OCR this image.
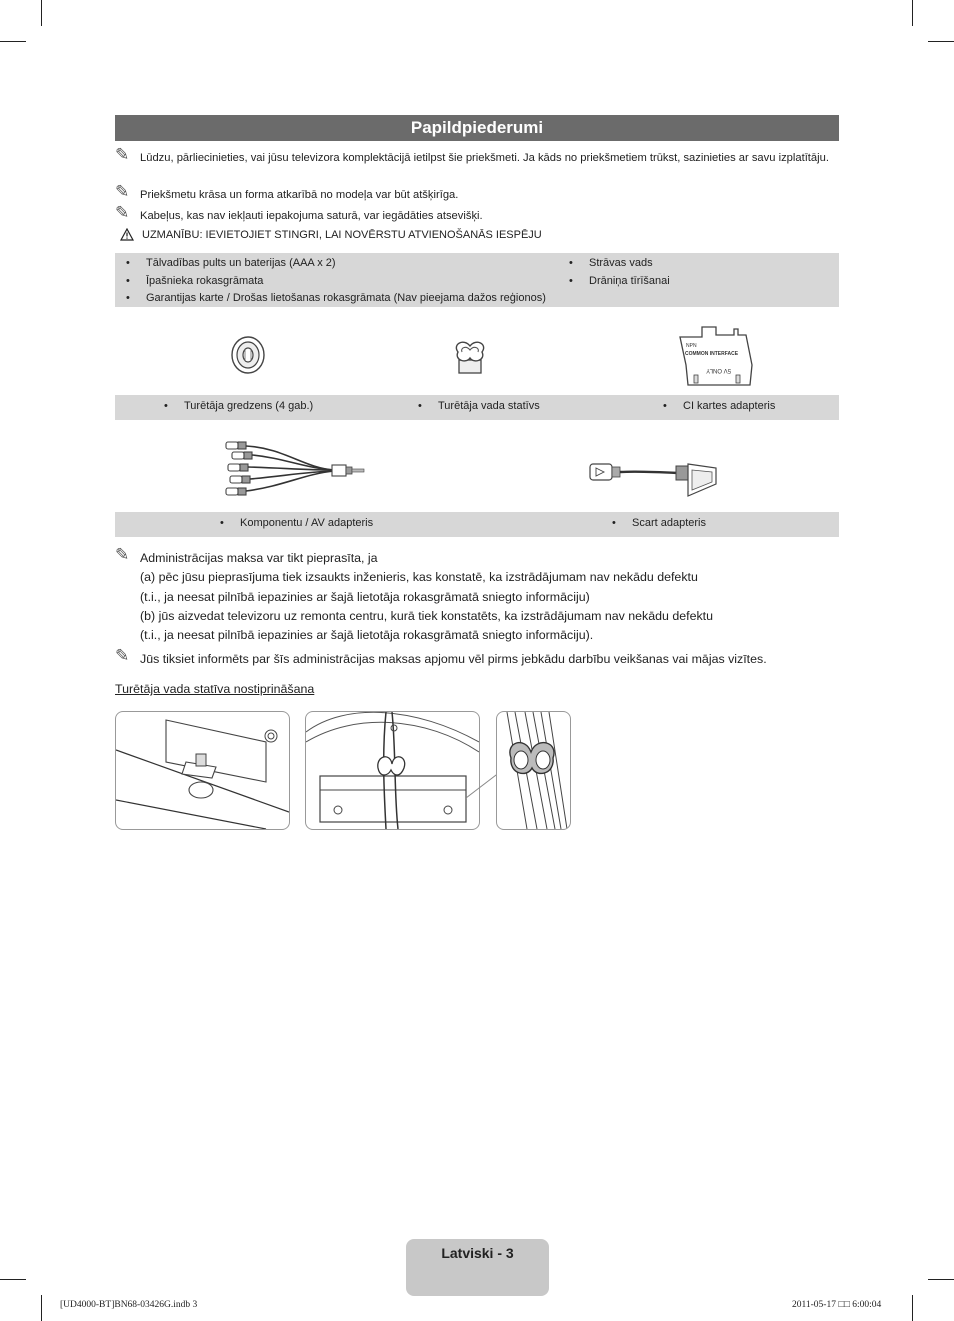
Papildpiederumi
✎ Lūdzu, pārliecinieties, vai jūsu televizora komplektācijā ietilpst šie priekšmeti. Ja kāds no priekšmetiem trūkst, sazinieties ar savu izplatītāju.
✎ Priekšmetu krāsa un forma atkarībā no modeļa var būt atšķirīga.
✎ Kabeļus, kas nav iekļauti iepakojuma saturā, var iegādāties atsevišķi.
UZMANĪBU: IEVIETOJIET STINGRI, LAI NOVĒRSTU ATVIENOŠANĀS IESPĒJU
• Tālvadības pults un baterijas (AAA x 2)
• Īpašnieka rokasgrāmata
• Garantijas karte / Drošas lietošanas rokasgrāmata (Nav pieejama dažos reģionos)
• Strāvas vads
• Drāniņa tīrīšanai
NPN
COMMON INTERFACE
5V ONLY
• Turētāja gredzens (4 gab.)	• Turētāja vada statīvs	• CI kartes adapteris
• Komponentu / AV adapteris	• Scart adapteris
✎ Administrācijas maksa var tikt pieprasīta, ja
(a) pēc jūsu pieprasījuma tiek izsaukts inženieris, kas konstatē, ka izstrādājumam nav nekādu defektu
(t.i., ja neesat pilnībā iepazinies ar šajā lietotāja rokasgrāmatā sniegto informāciju)
(b) jūs aizvedat televizoru uz remonta centru, kurā tiek konstatēts, ka izstrādājumam nav nekādu defektu
(t.i., ja neesat pilnībā iepazinies ar šajā lietotāja rokasgrāmatā sniegto informāciju).
✎ Jūs tiksiet informēts par šīs administrācijas maksas apjomu vēl pirms jebkādu darbību veikšanas vai mājas vizītes.
Turētāja vada statīva nostiprināšana
Latviski - 3
[UD4000-BT]BN68-03426G.indb 3	2011-05-17 □□ 6:00:04
